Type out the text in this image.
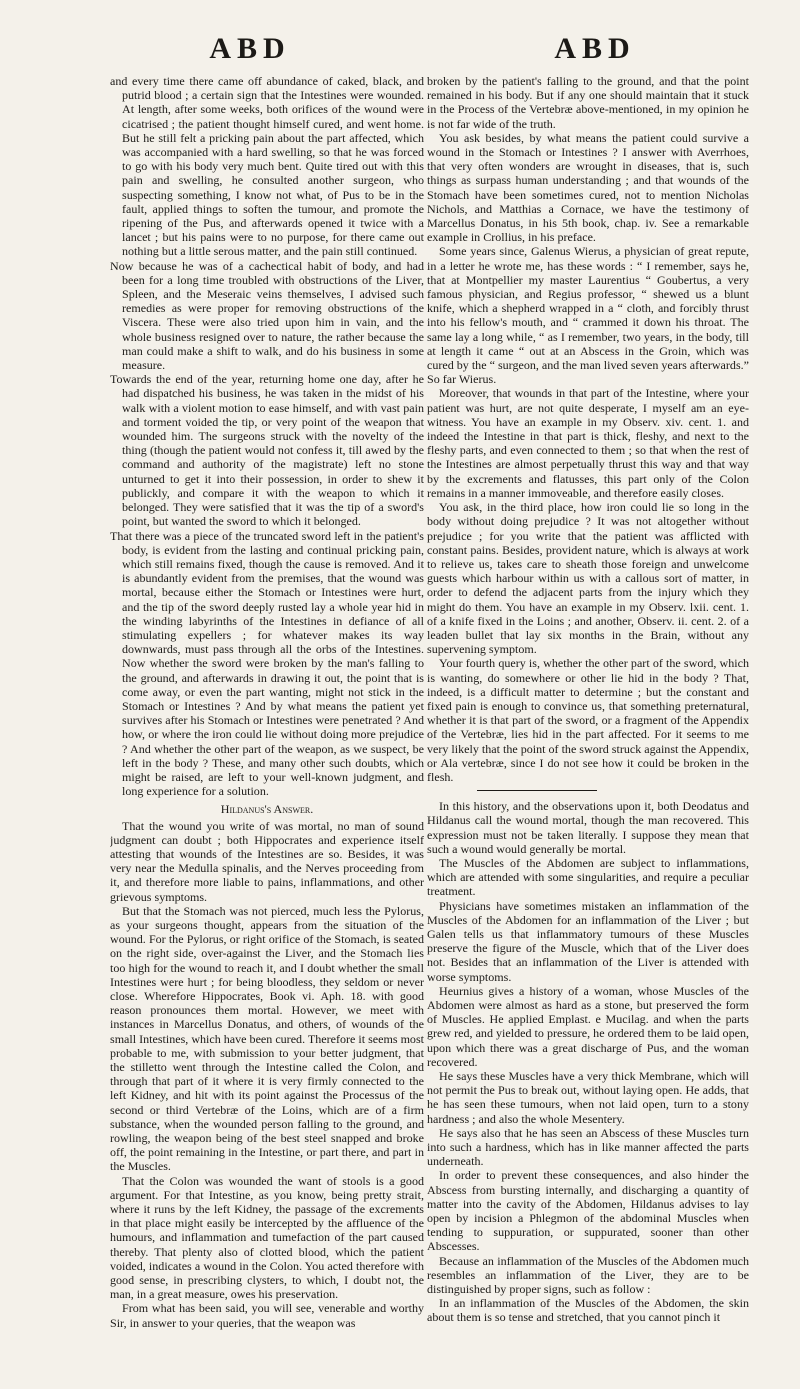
ABD	ABD

and every time there came off abundance of caked, black, and putrid blood ; a certain sign that the Intestines were wounded. At length, after some weeks, both orifices of the wound were cicatrised ; the patient thought himself cured, and went home. But he still felt a pricking pain about the part affected, which was accompanied with a hard swelling, so that he was forced to go with his body very much bent. Quite tired out with this pain and swelling, he consulted another surgeon, who suspecting something, I know not what, of Pus to be in the fault, applied things to soften the tumour, and promote the ripening of the Pus, and afterwards opened it twice with a lancet ; but his pains were to no purpose, for there came out nothing but a little serous matter, and the pain still continued.

Now because he was of a cachectical habit of body, and had been for a long time troubled with obstructions of the Liver, Spleen, and the Meseraic veins themselves, I advised such remedies as were proper for removing obstructions of the Viscera. These were also tried upon him in vain, and the whole business resigned over to nature, the rather because the man could make a shift to walk, and do his business in some measure.

Towards the end of the year, returning home one day, after he had dispatched his business, he was taken in the midst of his walk with a violent motion to ease himself, and with vast pain and torment voided the tip, or very point of the weapon that wounded him. The surgeons struck with the novelty of the thing (though the patient would not confess it, till awed by the command and authority of the magistrate) left no stone unturned to get it into their possession, in order to shew it publickly, and compare it with the weapon to which it belonged. They were satisfied that it was the tip of a sword's point, but wanted the sword to which it belonged.

That there was a piece of the truncated sword left in the patient's body, is evident from the lasting and continual pricking pain, which still remains fixed, though the cause is removed. And it is abundantly evident from the premises, that the wound was mortal, because either the Stomach or Intestines were hurt, and the tip of the sword deeply rusted lay a whole year hid in the winding labyrinths of the Intestines in defiance of all stimulating expellers ; for whatever makes its way downwards, must pass through all the orbs of the Intestines. Now whether the sword were broken by the man's falling to the ground, and afterwards in drawing it out, the point that is come away, or even the part wanting, might not stick in the Stomach or Intestines ? And by what means the patient yet survives after his Stomach or Intestines were penetrated ? And how, or where the iron could lie without doing more prejudice ? And whether the other part of the weapon, as we suspect, be left in the body ? These, and many other such doubts, which might be raised, are left to your well-known judgment, and long experience for a solution.

Hildanus's Answer.

That the wound you write of was mortal, no man of sound judgment can doubt ; both Hippocrates and experience itself attesting that wounds of the Intestines are so. Besides, it was very near the Medulla spinalis, and the Nerves proceeding from it, and therefore more liable to pains, inflammations, and other grievous symptoms.

But that the Stomach was not pierced, much less the Pylorus, as your surgeons thought, appears from the situation of the wound. For the Pylorus, or right orifice of the Stomach, is seated on the right side, over-against the Liver, and the Stomach lies too high for the wound to reach it, and I doubt whether the small Intestines were hurt ; for being bloodless, they seldom or never close. Wherefore Hippocrates, Book vi. Aph. 18. with good reason pronounces them mortal. However, we meet with instances in Marcellus Donatus, and others, of wounds of the small Intestines, which have been cured. Therefore it seems most probable to me, with submission to your better judgment, that the stilletto went through the Intestine called the Colon, and through that part of it where it is very firmly connected to the left Kidney, and hit with its point against the Processus of the second or third Vertebræ of the Loins, which are of a firm substance, when the wounded person falling to the ground, and rowling, the weapon being of the best steel snapped and broke off, the point remaining in the Intestine, or part there, and part in the Muscles.

That the Colon was wounded the want of stools is a good argument. For that Intestine, as you know, being pretty strait, where it runs by the left Kidney, the passage of the excrements in that place might easily be intercepted by the affluence of the humours, and inflammation and tumefaction of the part caused thereby. That plenty also of clotted blood, which the patient voided, indicates a wound in the Colon. You acted therefore with good sense, in prescribing clysters, to which, I doubt not, the man, in a great measure, owes his preservation.

From what has been said, you will see, venerable and worthy Sir, in answer to your queries, that the weapon was

broken by the patient's falling to the ground, and that the point remained in his body. But if any one should maintain that it stuck in the Process of the Vertebræ above-mentioned, in my opinion he is not far wide of the truth.

You ask besides, by what means the patient could survive a wound in the Stomach or Intestines ? I answer with Averrhoes, that very often wonders are wrought in diseases, that is, such things as surpass human understanding ; and that wounds of the Stomach have been sometimes cured, not to mention Nicholas Nichols, and Matthias a Cornace, we have the testimony of Marcellus Donatus, in his 5th book, chap. iv. See a remarkable example in Crollius, in his preface.

Some years since, Galenus Wierus, a physician of great repute, in a letter he wrote me, has these words : “ I remember, says he, that at Montpellier my master Laurentius “ Goubertus, a very famous physician, and Regius professor, “ shewed us a blunt knife, which a shepherd wrapped in a “ cloth, and forcibly thrust into his fellow's mouth, and “ crammed it down his throat. The same lay a long while, “ as I remember, two years, in the body, till at length it came “ out at an Abscess in the Groin, which was cured by the “ surgeon, and the man lived seven years afterwards.” So far Wierus.

Moreover, that wounds in that part of the Intestine, where your patient was hurt, are not quite desperate, I myself am an eye-witness. You have an example in my Observ. xiv. cent. 1. and indeed the Intestine in that part is thick, fleshy, and next to the fleshy parts, and even connected to them ; so that when the rest of the Intestines are almost perpetually thrust this way and that way by the excrements and flatusses, this part only of the Colon remains in a manner immoveable, and therefore easily closes.

You ask, in the third place, how iron could lie so long in the body without doing prejudice ? It was not altogether without prejudice ; for you write that the patient was afflicted with constant pains. Besides, provident nature, which is always at work to relieve us, takes care to sheath those foreign and unwelcome guests which harbour within us with a callous sort of matter, in order to defend the adjacent parts from the injury which they might do them. You have an example in my Observ. lxii. cent. 1. of a knife fixed in the Loins ; and another, Observ. ii. cent. 2. of a leaden bullet that lay six months in the Brain, without any supervening symptom.

Your fourth query is, whether the other part of the sword, which is wanting, do somewhere or other lie hid in the body ? That, indeed, is a difficult matter to determine ; but the constant and fixed pain is enough to convince us, that something preternatural, whether it is that part of the sword, or a fragment of the Appendix of the Vertebræ, lies hid in the part affected. For it seems to me very likely that the point of the sword struck against the Appendix, or Ala vertebræ, since I do not see how it could be broken in the flesh.

In this history, and the observations upon it, both Deodatus and Hildanus call the wound mortal, though the man recovered. This expression must not be taken literally. I suppose they mean that such a wound would generally be mortal.

The Muscles of the Abdomen are subject to inflammations, which are attended with some singularities, and require a peculiar treatment.

Physicians have sometimes mistaken an inflammation of the Muscles of the Abdomen for an inflammation of the Liver ; but Galen tells us that inflammatory tumours of these Muscles preserve the figure of the Muscle, which that of the Liver does not. Besides that an inflammation of the Liver is attended with worse symptoms.

Heurnius gives a history of a woman, whose Muscles of the Abdomen were almost as hard as a stone, but preserved the form of Muscles. He applied Emplast. e Mucilag. and when the parts grew red, and yielded to pressure, he ordered them to be laid open, upon which there was a great discharge of Pus, and the woman recovered.

He says these Muscles have a very thick Membrane, which will not permit the Pus to break out, without laying open. He adds, that he has seen these tumours, when not laid open, turn to a stony hardness ; and also the whole Mesentery.

He says also that he has seen an Abscess of these Muscles turn into such a hardness, which has in like manner affected the parts underneath.

In order to prevent these consequences, and also hinder the Abscess from bursting internally, and discharging a quantity of matter into the cavity of the Abdomen, Hildanus advises to lay open by incision a Phlegmon of the abdominal Muscles when tending to suppuration, or suppurated, sooner than other Abscesses.

Because an inflammation of the Muscles of the Abdomen much resembles an inflammation of the Liver, they are to be distinguished by proper signs, such as follow :

In an inflammation of the Muscles of the Abdomen, the skin about them is so tense and stretched, that you cannot pinch it
